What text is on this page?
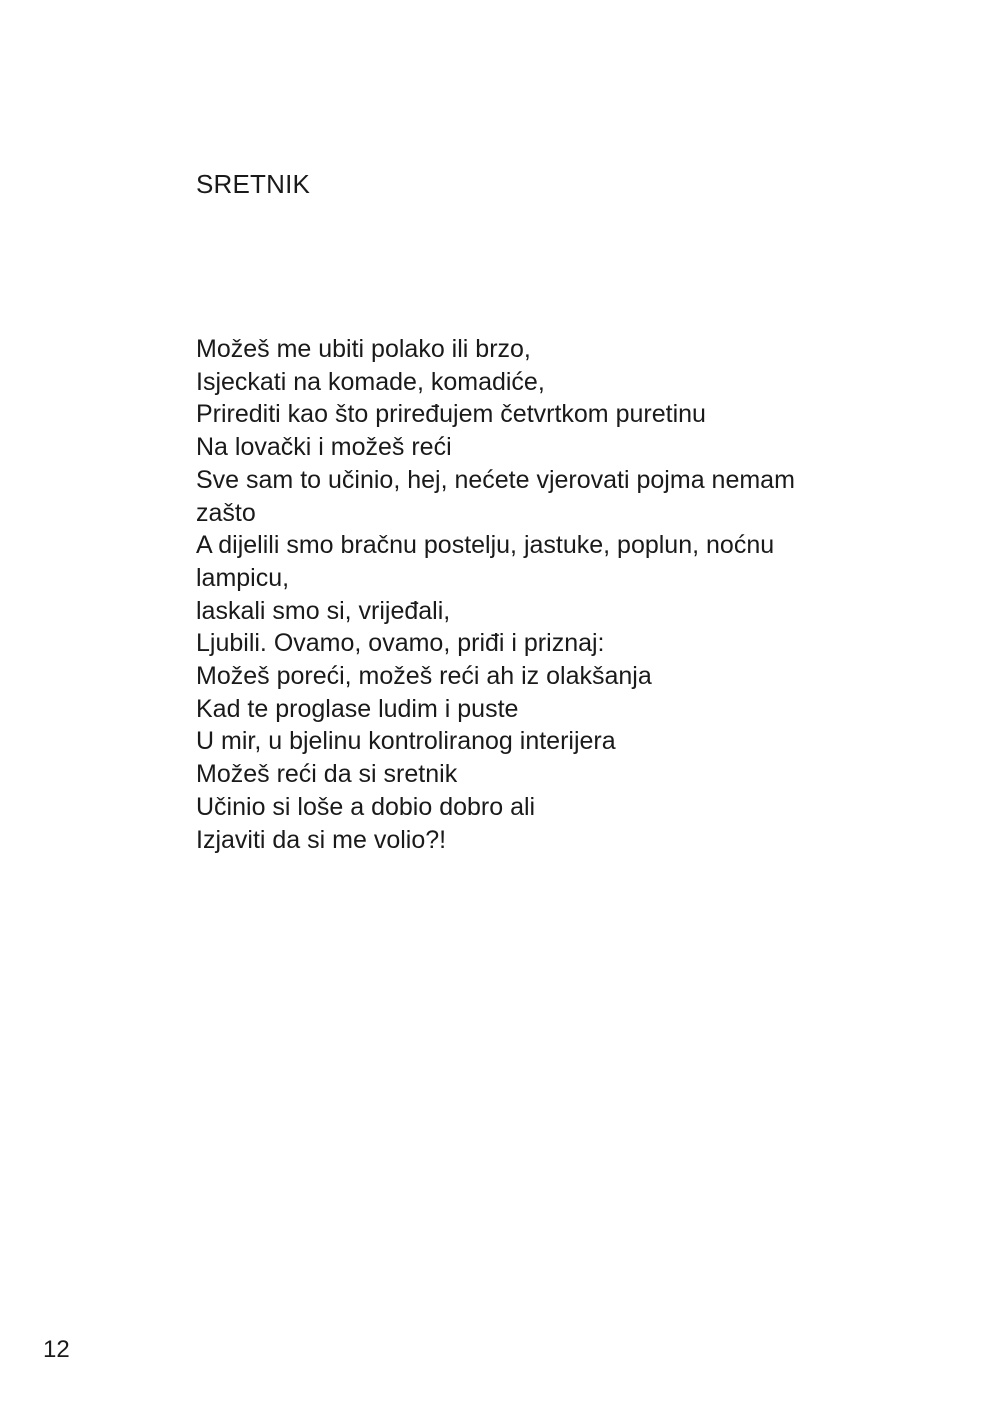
SRETNIK
Možeš me ubiti polako ili brzo,
Isjeckati na komade, komadiće,
Prirediti kao što priređujem četvrtkom puretinu
Na lovački i možeš reći
Sve sam to učinio, hej, nećete vjerovati pojma nemam
zašto
A dijelili smo bračnu postelju, jastuke, poplun, noćnu
lampicu,
laskali smo si, vrijeđali,
Ljubili. Ovamo, ovamo, priđi i priznaj:
Možeš poreći, možeš reći ah iz olakšanja
Kad te proglase ludim i puste
U mir, u bjelinu kontroliranog interijera
Možeš reći da si sretnik
Učinio si loše a dobio dobro ali
Izjaviti da si me volio?!
12
